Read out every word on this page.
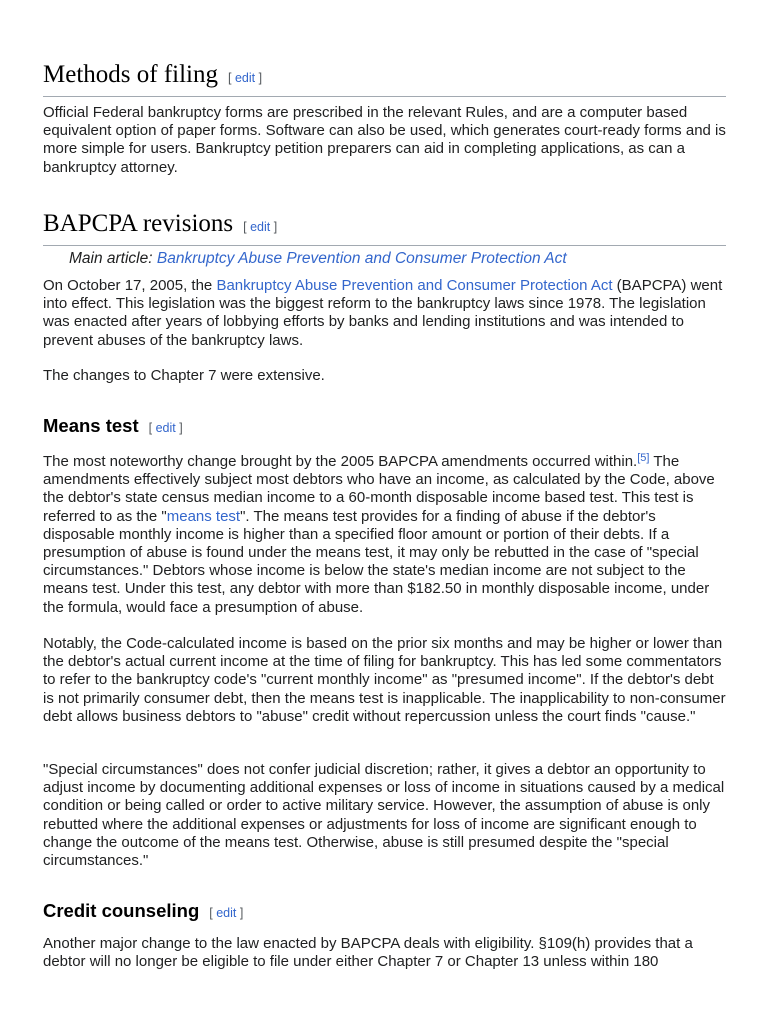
Methods of filing [ edit ]

Official Federal bankruptcy forms are prescribed in the relevant Rules, and are a computer based equivalent option of paper forms. Software can also be used, which generates court-ready forms and is more simple for users. Bankruptcy petition preparers can aid in completing applications, as can a bankruptcy attorney.

BAPCPA revisions [ edit ]
Main article: Bankruptcy Abuse Prevention and Consumer Protection Act

On October 17, 2005, the Bankruptcy Abuse Prevention and Consumer Protection Act (BAPCPA) went into effect. This legislation was the biggest reform to the bankruptcy laws since 1978. The legislation was enacted after years of lobbying efforts by banks and lending institutions and was intended to prevent abuses of the bankruptcy laws.

The changes to Chapter 7 were extensive.

Means test [ edit ]

The most noteworthy change brought by the 2005 BAPCPA amendments occurred within.[5] The amendments effectively subject most debtors who have an income, as calculated by the Code, above the debtor's state census median income to a 60-month disposable income based test. This test is referred to as the "means test". The means test provides for a finding of abuse if the debtor's disposable monthly income is higher than a specified floor amount or portion of their debts. If a presumption of abuse is found under the means test, it may only be rebutted in the case of "special circumstances." Debtors whose income is below the state's median income are not subject to the means test. Under this test, any debtor with more than $182.50 in monthly disposable income, under the formula, would face a presumption of abuse.

Notably, the Code-calculated income is based on the prior six months and may be higher or lower than the debtor's actual current income at the time of filing for bankruptcy. This has led some commentators to refer to the bankruptcy code's "current monthly income" as "presumed income". If the debtor's debt is not primarily consumer debt, then the means test is inapplicable. The inapplicability to non-consumer debt allows business debtors to "abuse" credit without repercussion unless the court finds "cause."

"Special circumstances" does not confer judicial discretion; rather, it gives a debtor an opportunity to adjust income by documenting additional expenses or loss of income in situations caused by a medical condition or being called or order to active military service. However, the assumption of abuse is only rebutted where the additional expenses or adjustments for loss of income are significant enough to change the outcome of the means test. Otherwise, abuse is still presumed despite the "special circumstances."

Credit counseling [ edit ]

Another major change to the law enacted by BAPCPA deals with eligibility. §109(h) provides that a debtor will no longer be eligible to file under either Chapter 7 or Chapter 13 unless within 180
